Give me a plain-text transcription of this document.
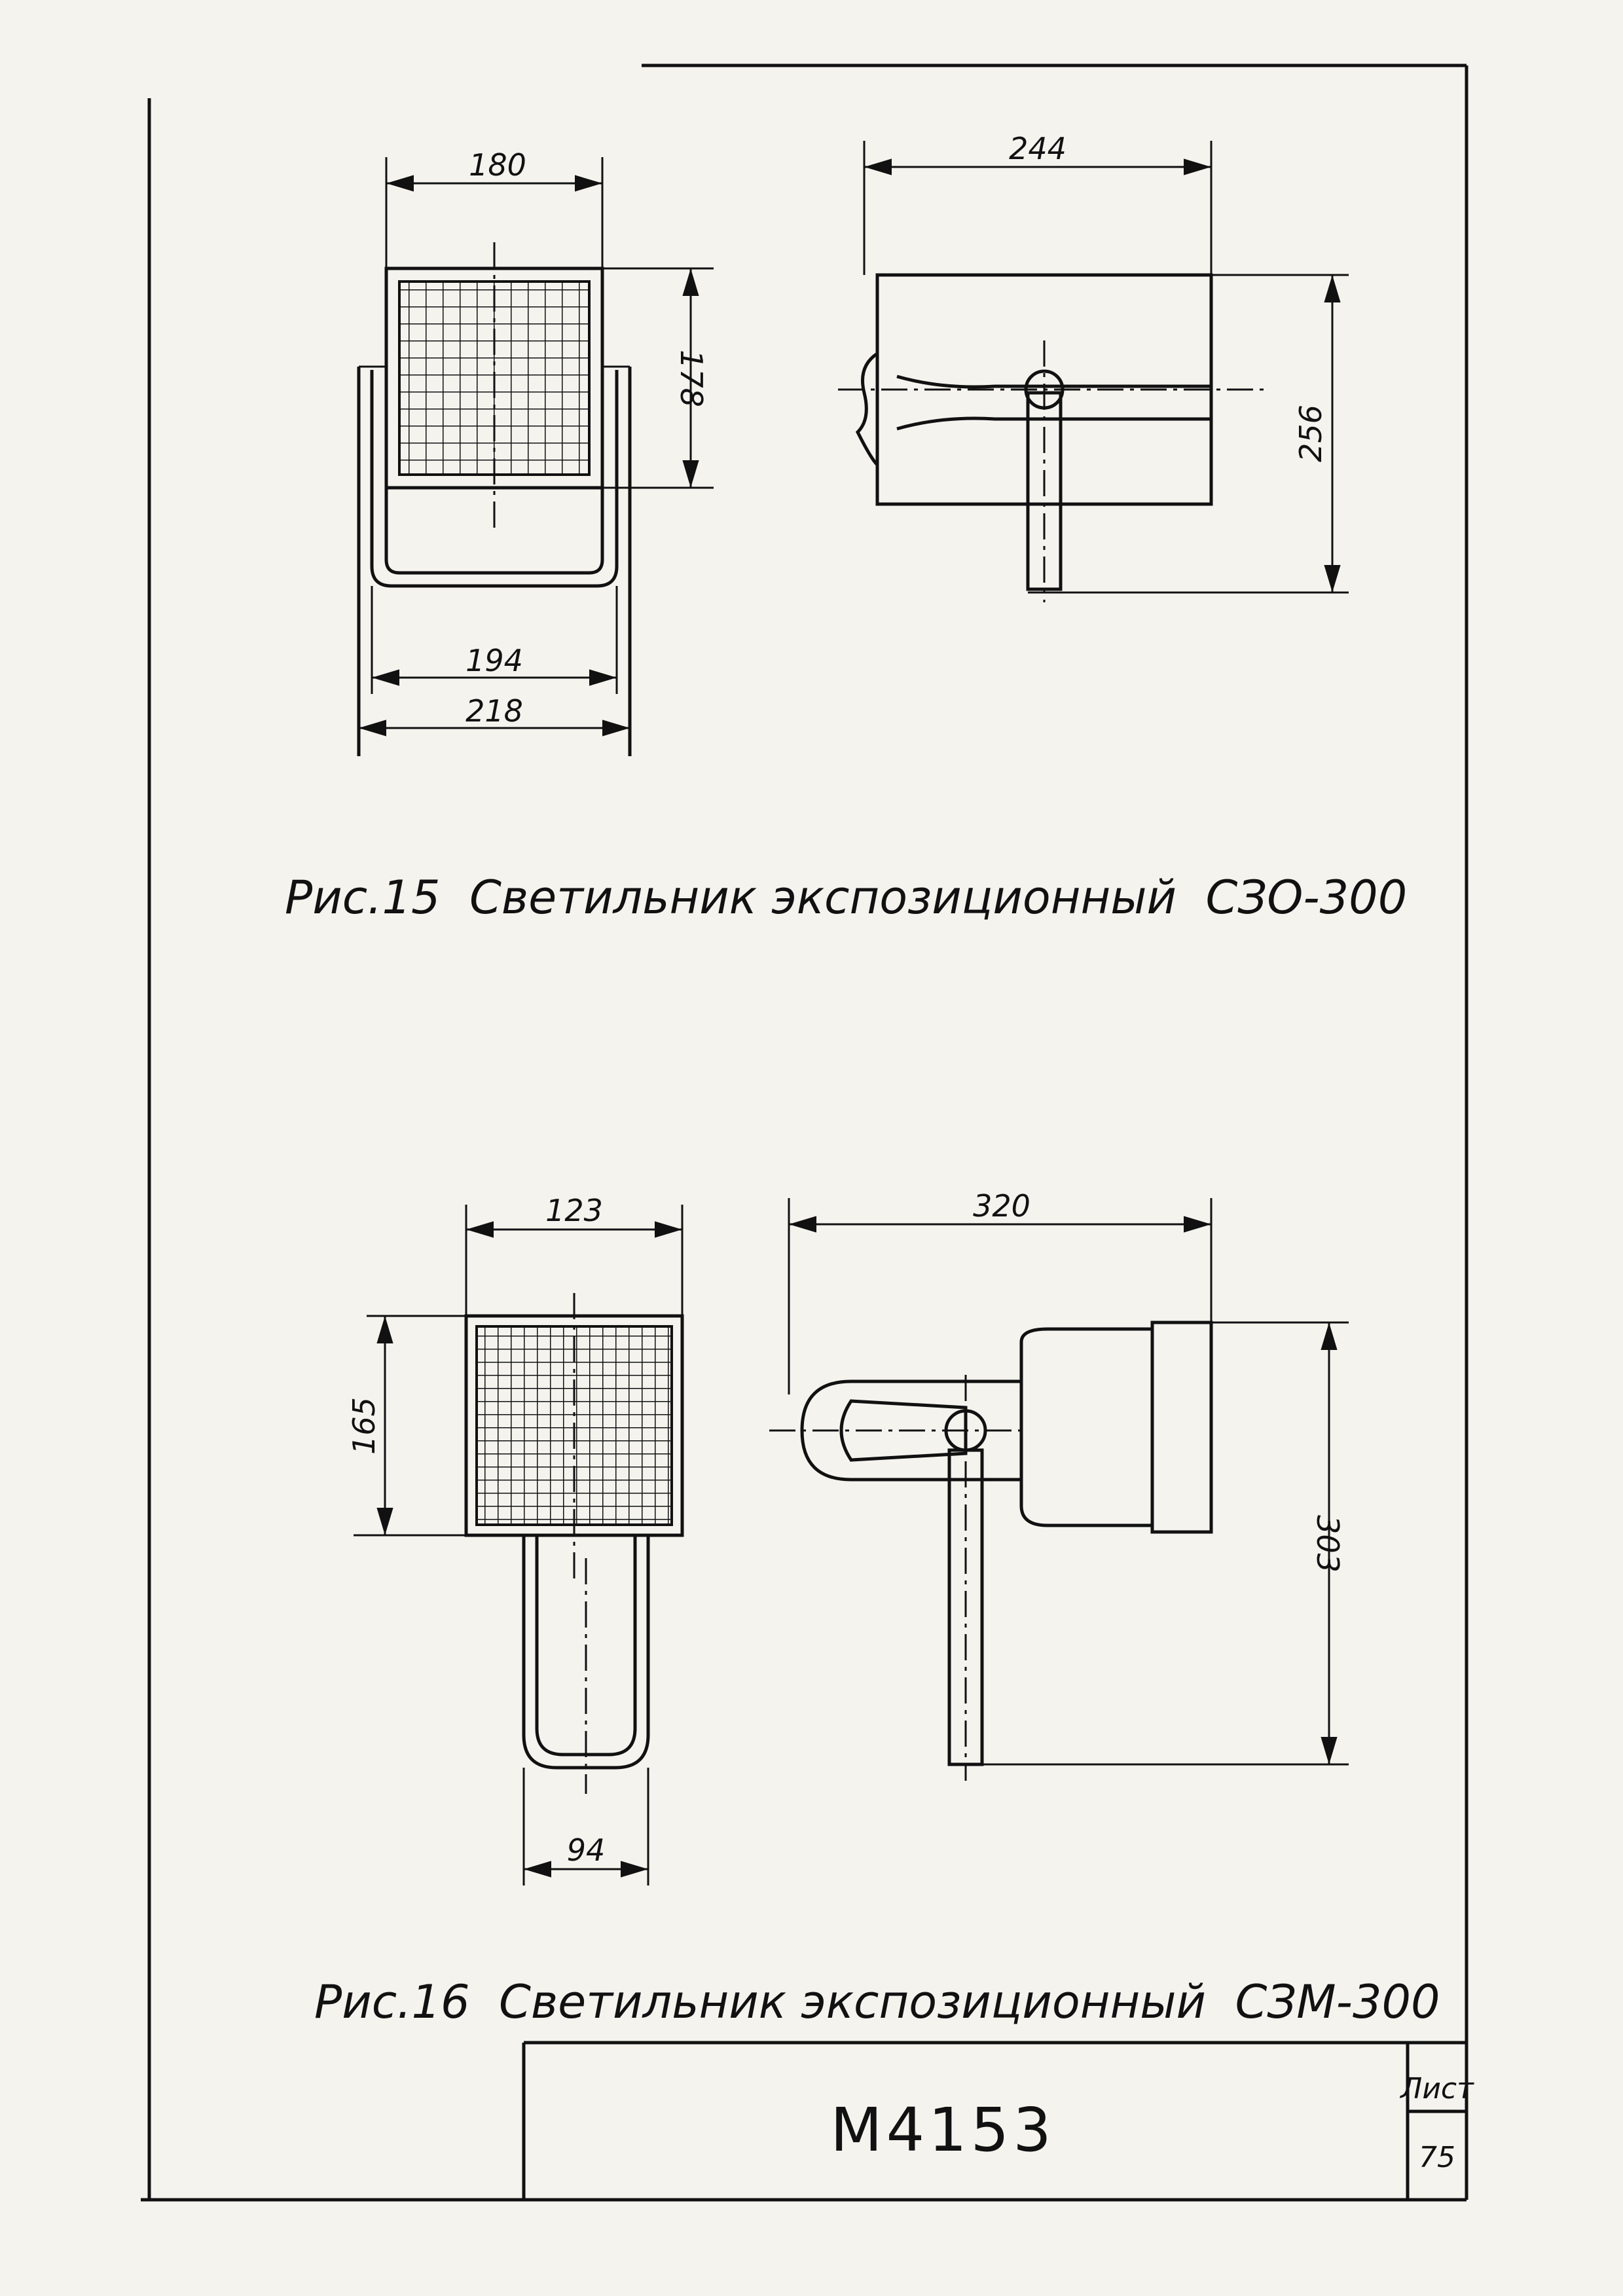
180
178
194
218
244
256
Рис.15  Светильник экспозиционный  СЗО-300
123
165
94
320
303
Рис.16  Светильник экспозиционный  СЗМ-300
М4153
Лист
75
